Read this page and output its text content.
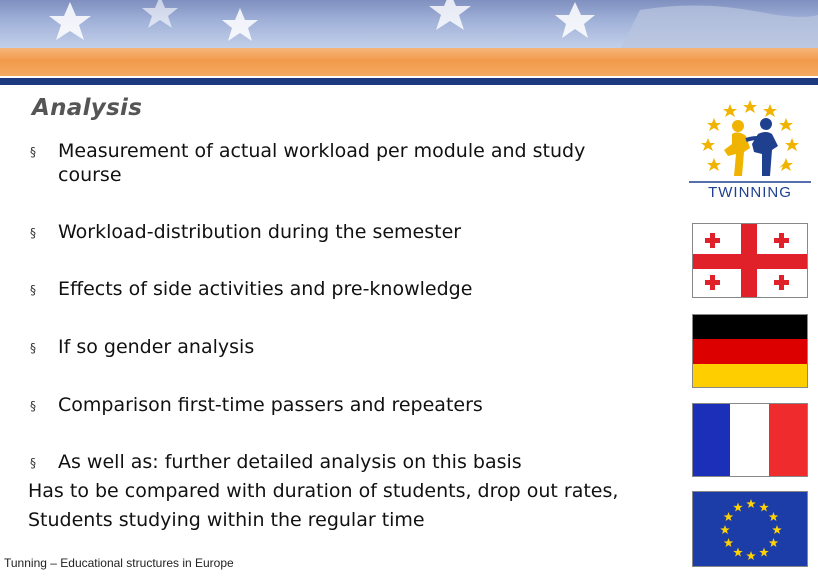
Analysis
§ Measurement of actual workload per module and study course
§ Workload-distribution during the semester
§ Effects of side activities and pre-knowledge
§ If so gender analysis
§ Comparison first-time passers and repeaters
§ As well as: further detailed analysis on this basis
Has to be compared with duration of students, drop out rates,
Students studying within the regular time
Tunning – Educational structures in Europe
TWINNING
